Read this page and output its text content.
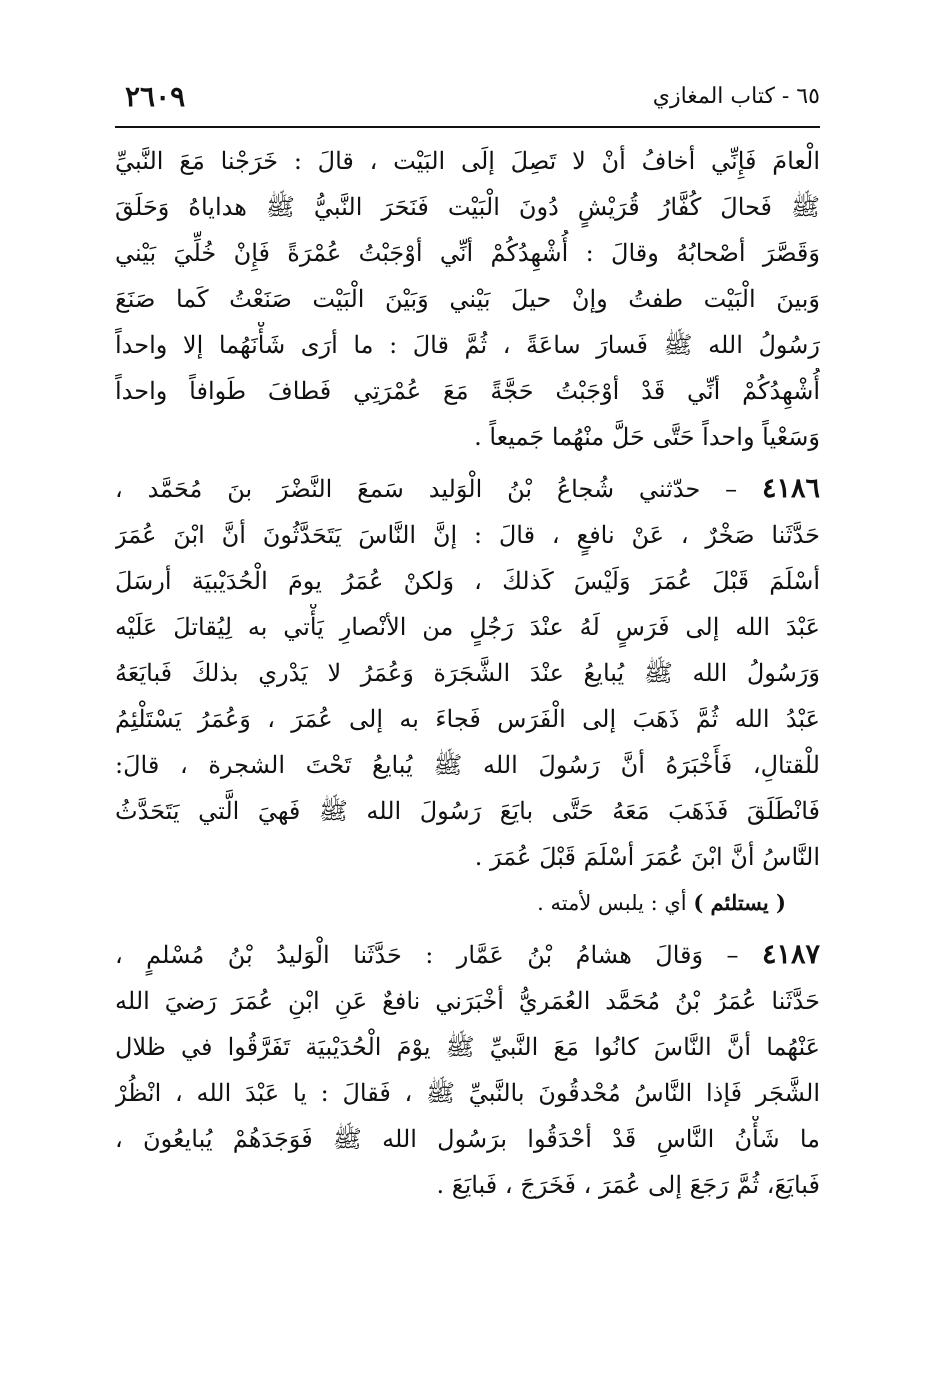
٦٥ - كتاب المغازي
٢٦٠٩
الْعامَ فَإِنِّي أخافُ أنْ لا تَصِلَ إلَى البَيْت ، قالَ : خَرَجْنا مَعَ النَّبيِّ
ﷺ فَحالَ كُفَّارُ قُرَيْشٍ دُونَ الْبَيْت فَنَحَرَ النَّبيُّ ﷺ هداياهُ وَحَلَقَ
وَقَصَّرَ أصْحابُهُ وقالَ : أُشْهِدُكُمْ أنِّي أوْجَبْتُ عُمْرَةً فَإِنْ خُلِّيَ بَيْني
وَبينَ الْبَيْت طفتُ وإنْ حيلَ بَيْني وَبَيْنَ الْبَيْت صَنَعْتُ كَما صَنَعَ
رَسُولُ الله ﷺ فَسارَ ساعَةً ، ثُمَّ قالَ : ما أرَى شَأْنَهُما إلا واحداً
أُشْهِدُكُمْ أنِّي قَدْ أوْجَبْتُ حَجَّةً مَعَ عُمْرَتِي فَطافَ طَوافاً واحداً
وَسَعْياً واحداً حَتَّى حَلَّ منْهُما جَميعاً .
٤١٨٦ – حدّثني شُجاعُ بْنُ الْوَليد سَمعَ النَّضْرَ بنَ مُحَمَّد ،
حَدَّثَنا صَخْرٌ ، عَنْ نافعٍ ، قالَ : إنَّ النَّاسَ يَتَحَدَّثُونَ أنَّ ابْنَ عُمَرَ
أسْلَمَ قَبْلَ عُمَرَ وَلَيْسَ كَذلكَ ، وَلكنْ عُمَرُ يومَ الْحُدَيْبيَة أرسَلَ
عَبْدَ الله إلى فَرَسٍ لَهُ عنْدَ رَجُلٍ من الأنْصارِ يَأْتي به لِيُقاتلَ عَلَيْه
وَرَسُولُ الله ﷺ يُبايعُ عنْدَ الشَّجَرَة وَعُمَرُ لا يَدْري بذلكَ فَبايَعَهُ
عَبْدُ الله ثُمَّ ذَهَبَ إلى الْفَرَس فَجاءَ به إلى عُمَرَ ، وَعُمَرُ يَسْتَلْئِمُ
للْقتالِ، فَأَخْبَرَهُ أنَّ رَسُولَ الله ﷺ يُبايعُ تَحْتَ الشجرة ، قالَ:
فَانْطَلَقَ فَذَهَبَ مَعَهُ حَتَّى بايَعَ رَسُولَ الله ﷺ فَهيَ الَّتي يَتَحَدَّثُ
النَّاسُ أنَّ ابْنَ عُمَرَ أسْلَمَ قَبْلَ عُمَرَ .
( يستلئم ) أي : يلبس لأمته .
٤١٨٧ – وَقالَ هشامُ بْنُ عَمَّار : حَدَّثَنا الْوَليدُ بْنُ مُسْلمٍ ،
حَدَّثَنا عُمَرُ بْنُ مُحَمَّد العُمَريُّ أخْبَرَني نافعٌ عَنِ ابْنِ عُمَرَ رَضيَ الله
عَنْهُما أنَّ النَّاسَ كانُوا مَعَ النَّبيِّ ﷺ يوْمَ الْحُدَيْبيَة تَفَرَّقُوا في ظلال
الشَّجَر فَإذا النَّاسُ مُحْدقُونَ بالنَّبيِّ ﷺ ، فَقالَ : يا عَبْدَ الله ، انْظُرْ
ما شَأْنُ النَّاسِ قَدْ أحْدَقُوا برَسُول الله ﷺ فَوَجَدَهُمْ يُبايعُونَ ،
فَبايَعَ، ثُمَّ رَجَعَ إلى عُمَرَ ، فَخَرَجَ ، فَبايَعَ .
